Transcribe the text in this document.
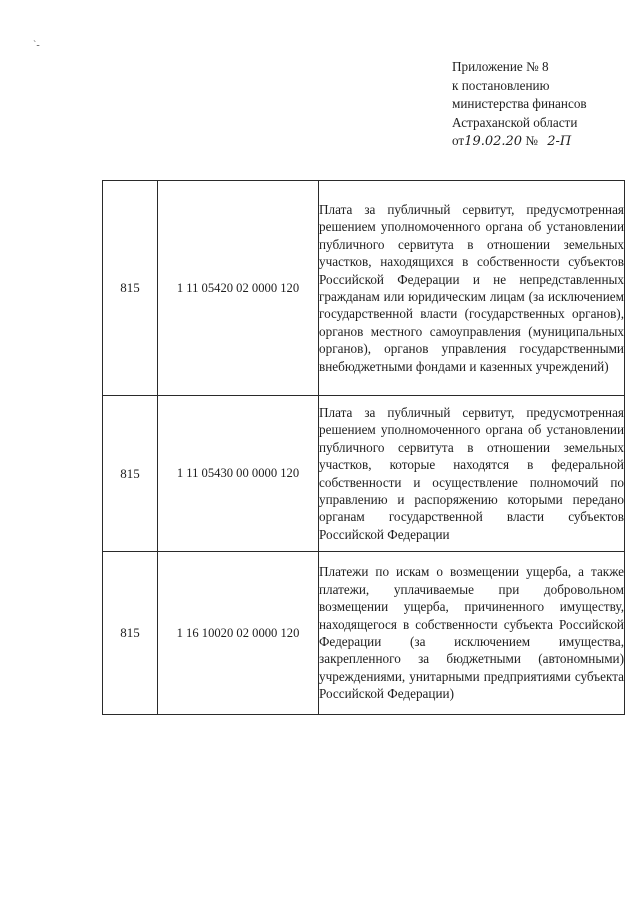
`-
Приложение № 8
к постановлению
министерства финансов
Астраханской области
от19.02.20 № 2-П
815	1 11 05420 02 0000 120	Плата за публичный сервитут, предусмотренная решением уполномоченного органа об установлении публичного сервитута в отношении земельных участков, находящихся в собственности субъектов Российской Федерации и не непредставленных гражданам или юридическим лицам (за исключением государственной власти (государственных органов), органов местного самоуправления (муниципальных органов), органов управления государственными внебюджетными фондами и казенных учреждений)
815	1 11 05430 00 0000 120	Плата за публичный сервитут, предусмотренная решением уполномоченного органа об установлении публичного сервитута в отношении земельных участков, которые находятся в федеральной собственности и осуществление полномочий по управлению и распоряжению которыми передано органам государственной власти субъектов Российской Федерации
815	1 16 10020 02 0000 120	Платежи по искам о возмещении ущерба, а также платежи, уплачиваемые при добровольном возмещении ущерба, причиненного имуществу, находящегося в собственности субъекта Российской Федерации (за исключением имущества, закрепленного за бюджетными (автономными) учреждениями, унитарными предприятиями субъекта Российской Федерации)
